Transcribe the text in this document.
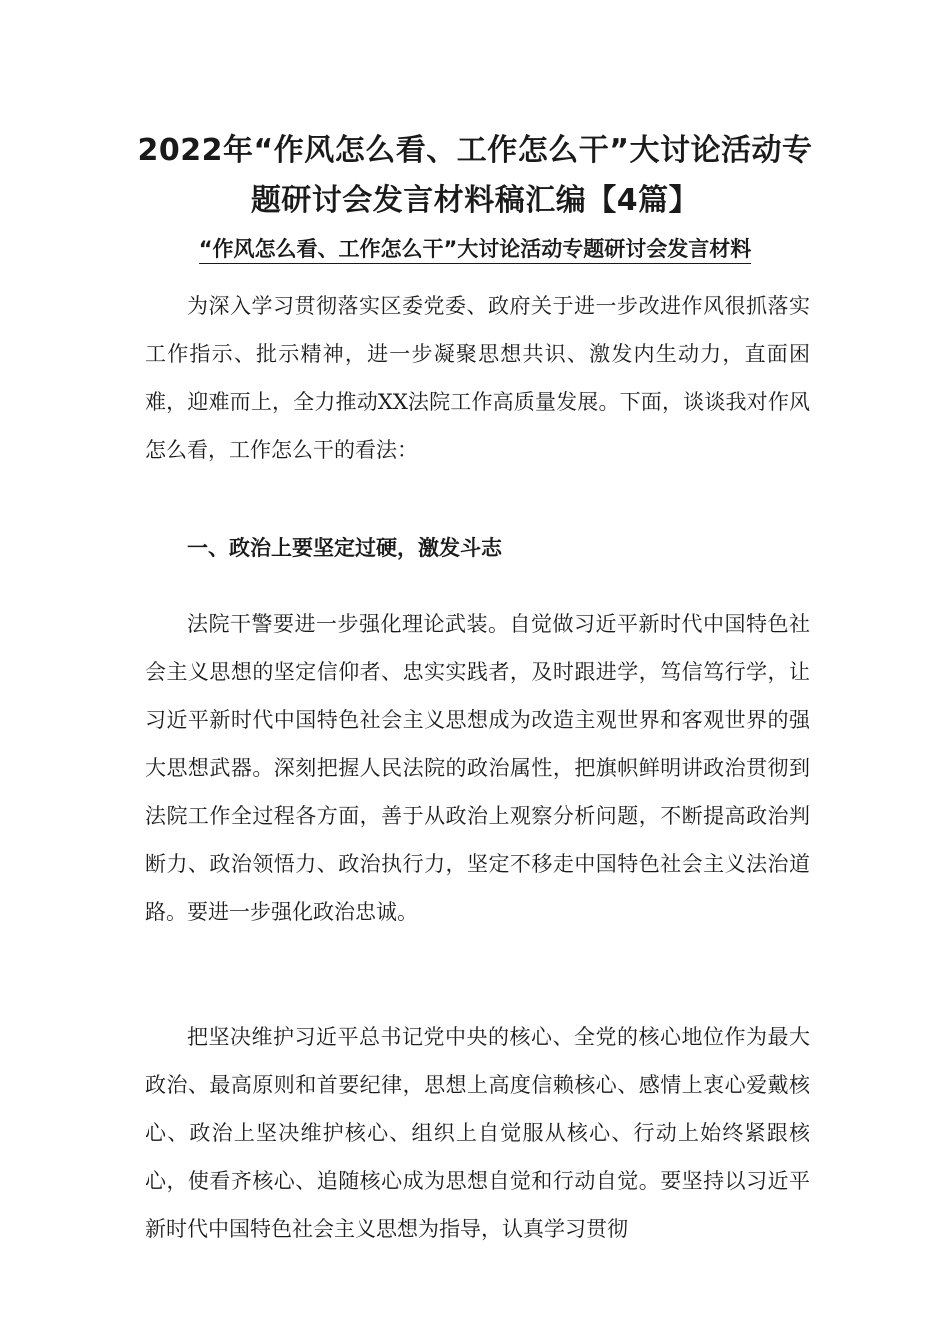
2022年“作风怎么看、工作怎么干”大讨论活动专
题研讨会发言材料稿汇编【4篇】

“作风怎么看、工作怎么干”大讨论活动专题研讨会发言材料

为深入学习贯彻落实区委党委、政府关于进一步改进作风很抓落实工作指示、批示精神，进一步凝聚思想共识、激发内生动力，直面困难，迎难而上，全力推动XX法院工作高质量发展。下面，谈谈我对作风怎么看，工作怎么干的看法：

一、政治上要坚定过硬，激发斗志

法院干警要进一步强化理论武装。自觉做习近平新时代中国特色社会主义思想的坚定信仰者、忠实实践者，及时跟进学，笃信笃行学，让习近平新时代中国特色社会主义思想成为改造主观世界和客观世界的强大思想武器。深刻把握人民法院的政治属性，把旗帜鲜明讲政治贯彻到法院工作全过程各方面，善于从政治上观察分析问题，不断提高政治判断力、政治领悟力、政治执行力，坚定不移走中国特色社会主义法治道路。要进一步强化政治忠诚。

把坚决维护习近平总书记党中央的核心、全党的核心地位作为最大政治、最高原则和首要纪律，思想上高度信赖核心、感情上衷心爱戴核心、政治上坚决维护核心、组织上自觉服从核心、行动上始终紧跟核心，使看齐核心、追随核心成为思想自觉和行动自觉。要坚持以习近平新时代中国特色社会主义思想为指导，认真学习贯彻
